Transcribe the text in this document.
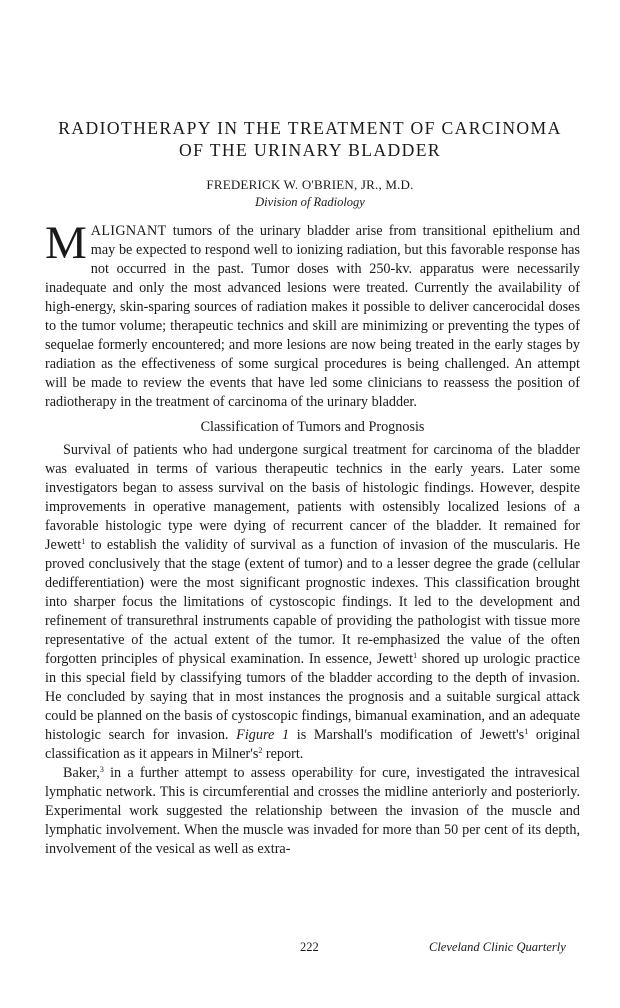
RADIOTHERAPY IN THE TREATMENT OF CARCINOMA
OF THE URINARY BLADDER
FREDERICK W. O'BRIEN, JR., M.D.
Division of Radiology

MALIGNANT tumors of the urinary bladder arise from transitional epithelium and may be expected to respond well to ionizing radiation, but this favorable response has not occurred in the past. Tumor doses with 250-kv. apparatus were necessarily inadequate and only the most advanced lesions were treated. Currently the availability of high-energy, skin-sparing sources of radiation makes it possible to deliver cancerocidal doses to the tumor volume; therapeutic technics and skill are minimizing or preventing the types of sequelae formerly encountered; and more lesions are now being treated in the early stages by radiation as the effectiveness of some surgical procedures is being challenged. An attempt will be made to review the events that have led some clinicians to reassess the position of radiotherapy in the treatment of carcinoma of the urinary bladder.

Classification of Tumors and Prognosis

Survival of patients who had undergone surgical treatment for carcinoma of the bladder was evaluated in terms of various therapeutic technics in the early years. Later some investigators began to assess survival on the basis of histologic findings. However, despite improvements in operative management, patients with ostensibly localized lesions of a favorable histologic type were dying of recurrent cancer of the bladder. It remained for Jewett$^1$ to establish the validity of survival as a function of invasion of the muscularis. He proved conclusively that the stage (extent of tumor) and to a lesser degree the grade (cellular dedifferentiation) were the most significant prognostic indexes. This classification brought into sharper focus the limitations of cystoscopic findings. It led to the development and refinement of transurethral instruments capable of providing the pathologist with tissue more representative of the actual extent of the tumor. It re-emphasized the value of the often forgotten principles of physical examination. In essence, Jewett$^1$ shored up urologic practice in this special field by classifying tumors of the bladder according to the depth of invasion. He concluded by saying that in most instances the prognosis and a suitable surgical attack could be planned on the basis of cystoscopic findings, bimanual examination, and an adequate histologic search for invasion. Figure 1 is Marshall's modification of $Jewett's^1$ original classification as it appears in $Milner's^2$ report.

Baker,$^3$ in a further attempt to assess operability for cure, investigated the intravesical lymphatic network. This is circumferential and crosses the midline anteriorly and posteriorly. Experimental work suggested the relationship between the invasion of the muscle and lymphatic involvement. When the muscle was invaded for more than 50 per cent of its depth, involvement of the vesical as well as extra-

222	Cleveland Clinic Quarterly
